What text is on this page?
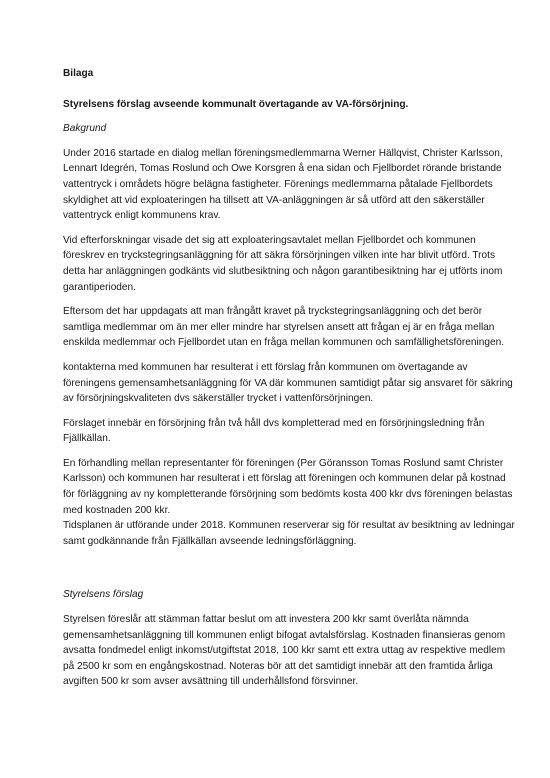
Bilaga

Styrelsens förslag avseende kommunalt övertagande av VA-försörjning.

Bakgrund

Under 2016 startade en dialog mellan föreningsmedlemmarna Werner Hällqvist, Christer Karlsson,
Lennart Idegrén, Tomas Roslund och Owe Korsgren å ena sidan och Fjellbordet rörande bristande
vattentryck i områdets högre belägna fastigheter. Förenings medlemmarna påtalade Fjellbordets
skyldighet att vid exploateringen ha tillsett att VA-anläggningen är så utförd att den säkerställer
vattentryck enligt kommunens krav.

Vid efterforskningar visade det sig att exploateringsavtalet mellan Fjellbordet och kommunen
föreskrev en tryckstegringsanläggning för att säkra försörjningen vilken inte har blivit utförd. Trots
detta har anläggningen godkänts vid slutbesiktning och någon garantibesiktning har ej utförts inom
garantiperioden.

Eftersom det har uppdagats att man frångått kravet på tryckstegringsanläggning och det berör
samtliga medlemmar om än mer eller mindre har styrelsen ansett att frågan ej är en fråga mellan
enskilda medlemmar och Fjellbordet utan en fråga mellan kommunen och samfällighetsföreningen.

kontakterna med kommunen har resulterat i ett förslag från kommunen om övertagande av
föreningens gemensamhetsanläggning för VA där kommunen samtidigt påtar sig ansvaret för säkring
av försörjningskvaliteten dvs säkerställer trycket i vattenförsörjningen.

Förslaget innebär en försörjning från två håll dvs kompletterad med en försörjningsledning från
Fjällkällan.

En förhandling mellan representanter för föreningen (Per Göransson Tomas Roslund samt Christer
Karlsson) och kommunen har resulterat i ett förslag att föreningen och kommunen delar på kostnad
för förläggning av ny kompletterande försörjning som bedömts kosta 400 kkr dvs föreningen belastas
med kostnaden 200 kkr.

Tidsplanen är utförande under 2018. Kommunen reserverar sig för resultat av besiktning av ledningar
samt godkännande från Fjällkällan avseende ledningsförläggning.

Styrelsens förslag

Styrelsen föreslår att stämman fattar beslut om att investera 200 kkr samt överlåta nämnda
gemensamhetsanläggning till kommunen enligt bifogat avtalsförslag. Kostnaden finansieras genom
avsatta fondmedel enligt inkomst/utgiftstat 2018, 100 kkr samt ett extra uttag av respektive medlem
på 2500 kr som en engångskostnad. Noteras bör att det samtidigt innebär att den framtida årliga
avgiften 500 kr som avser avsättning till underhållsfond försvinner.
